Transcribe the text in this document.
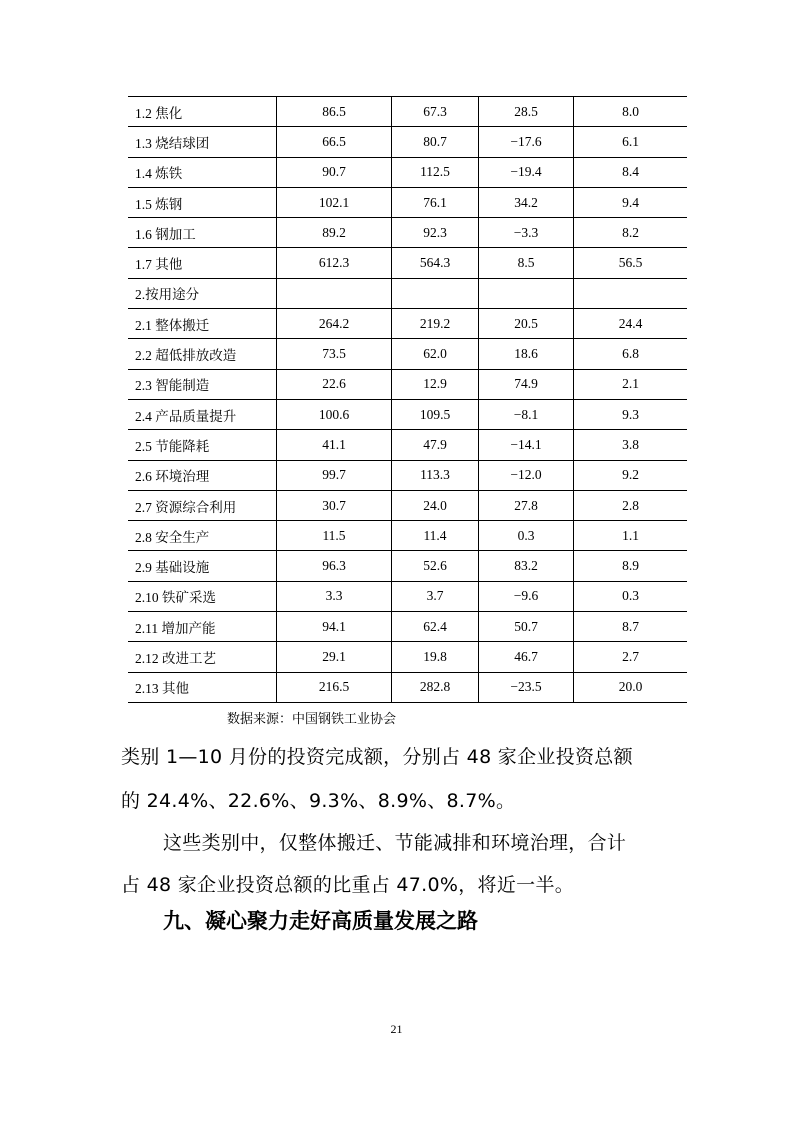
1.2 焦化	86.5	67.3	28.5	8.0
1.3 烧结球团	66.5	80.7	−17.6	6.1
1.4 炼铁	90.7	112.5	−19.4	8.4
1.5 炼钢	102.1	76.1	34.2	9.4
1.6 钢加工	89.2	92.3	−3.3	8.2
1.7 其他	612.3	564.3	8.5	56.5
2.按用途分				
2.1 整体搬迁	264.2	219.2	20.5	24.4
2.2 超低排放改造	73.5	62.0	18.6	6.8
2.3 智能制造	22.6	12.9	74.9	2.1
2.4 产品质量提升	100.6	109.5	−8.1	9.3
2.5 节能降耗	41.1	47.9	−14.1	3.8
2.6 环境治理	99.7	113.3	−12.0	9.2
2.7 资源综合利用	30.7	24.0	27.8	2.8
2.8 安全生产	11.5	11.4	0.3	1.1
2.9 基础设施	96.3	52.6	83.2	8.9
2.10 铁矿采选	3.3	3.7	−9.6	0.3
2.11 增加产能	94.1	62.4	50.7	8.7
2.12 改进工艺	29.1	19.8	46.7	2.7
2.13 其他	216.5	282.8	−23.5	20.0
数据来源：中国钢铁工业协会
类别 1—10 月份的投资完成额，分别占 48 家企业投资总额
的 24.4%、22.6%、9.3%、8.9%、8.7%。
这些类别中，仅整体搬迁、节能减排和环境治理，合计
占 48 家企业投资总额的比重占 47.0%，将近一半。
九、凝心聚力走好高质量发展之路
21
